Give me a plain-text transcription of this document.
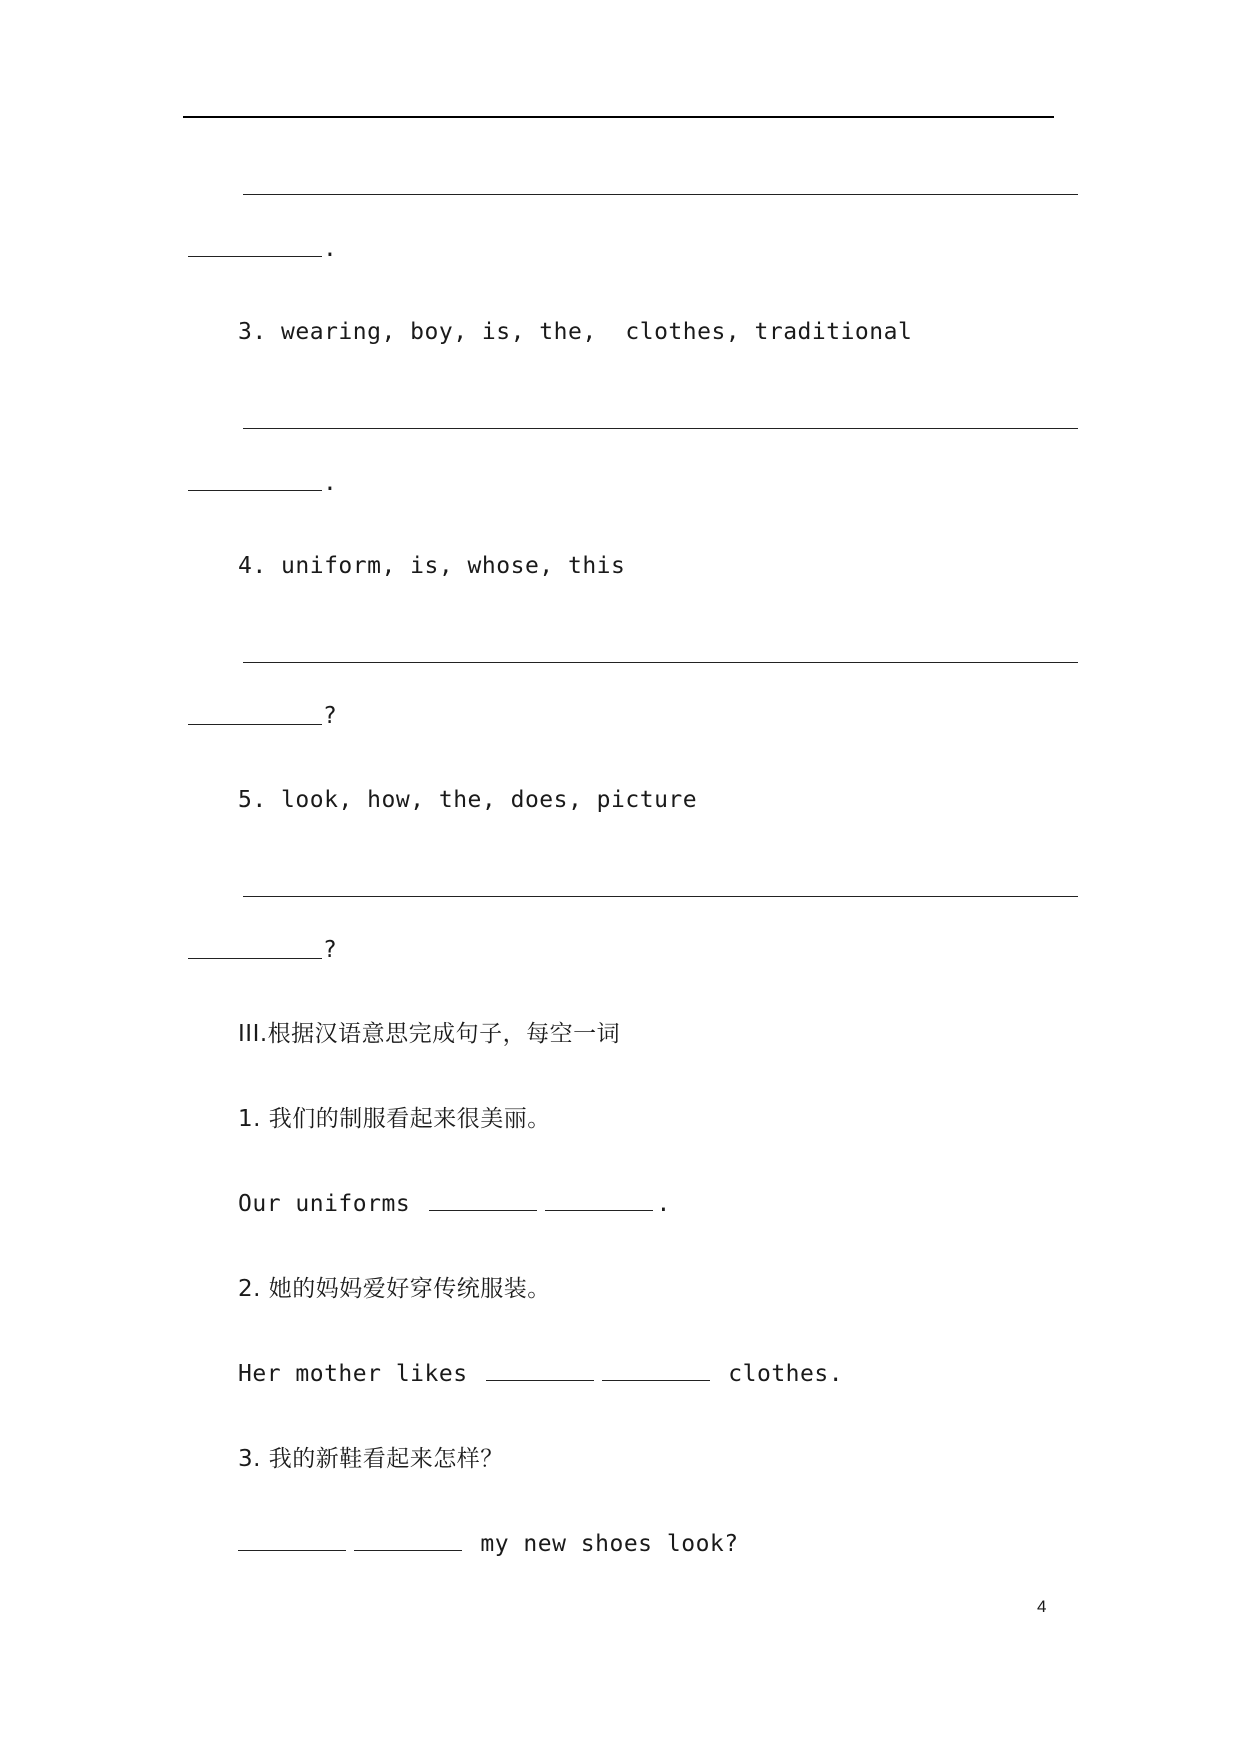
.
3. wearing, boy, is, the,  clothes, traditional
.
4. uniform, is, whose, this
?
5. look, how, the, does, picture
?
III.根据汉语意思完成句子，每空一词
1. 我们的制服看起来很美丽。
Our uniforms	.
2. 她的妈妈爱好穿传统服装。
Her mother likes	clothes.
3. 我的新鞋看起来怎样？
my new shoes look?
4
